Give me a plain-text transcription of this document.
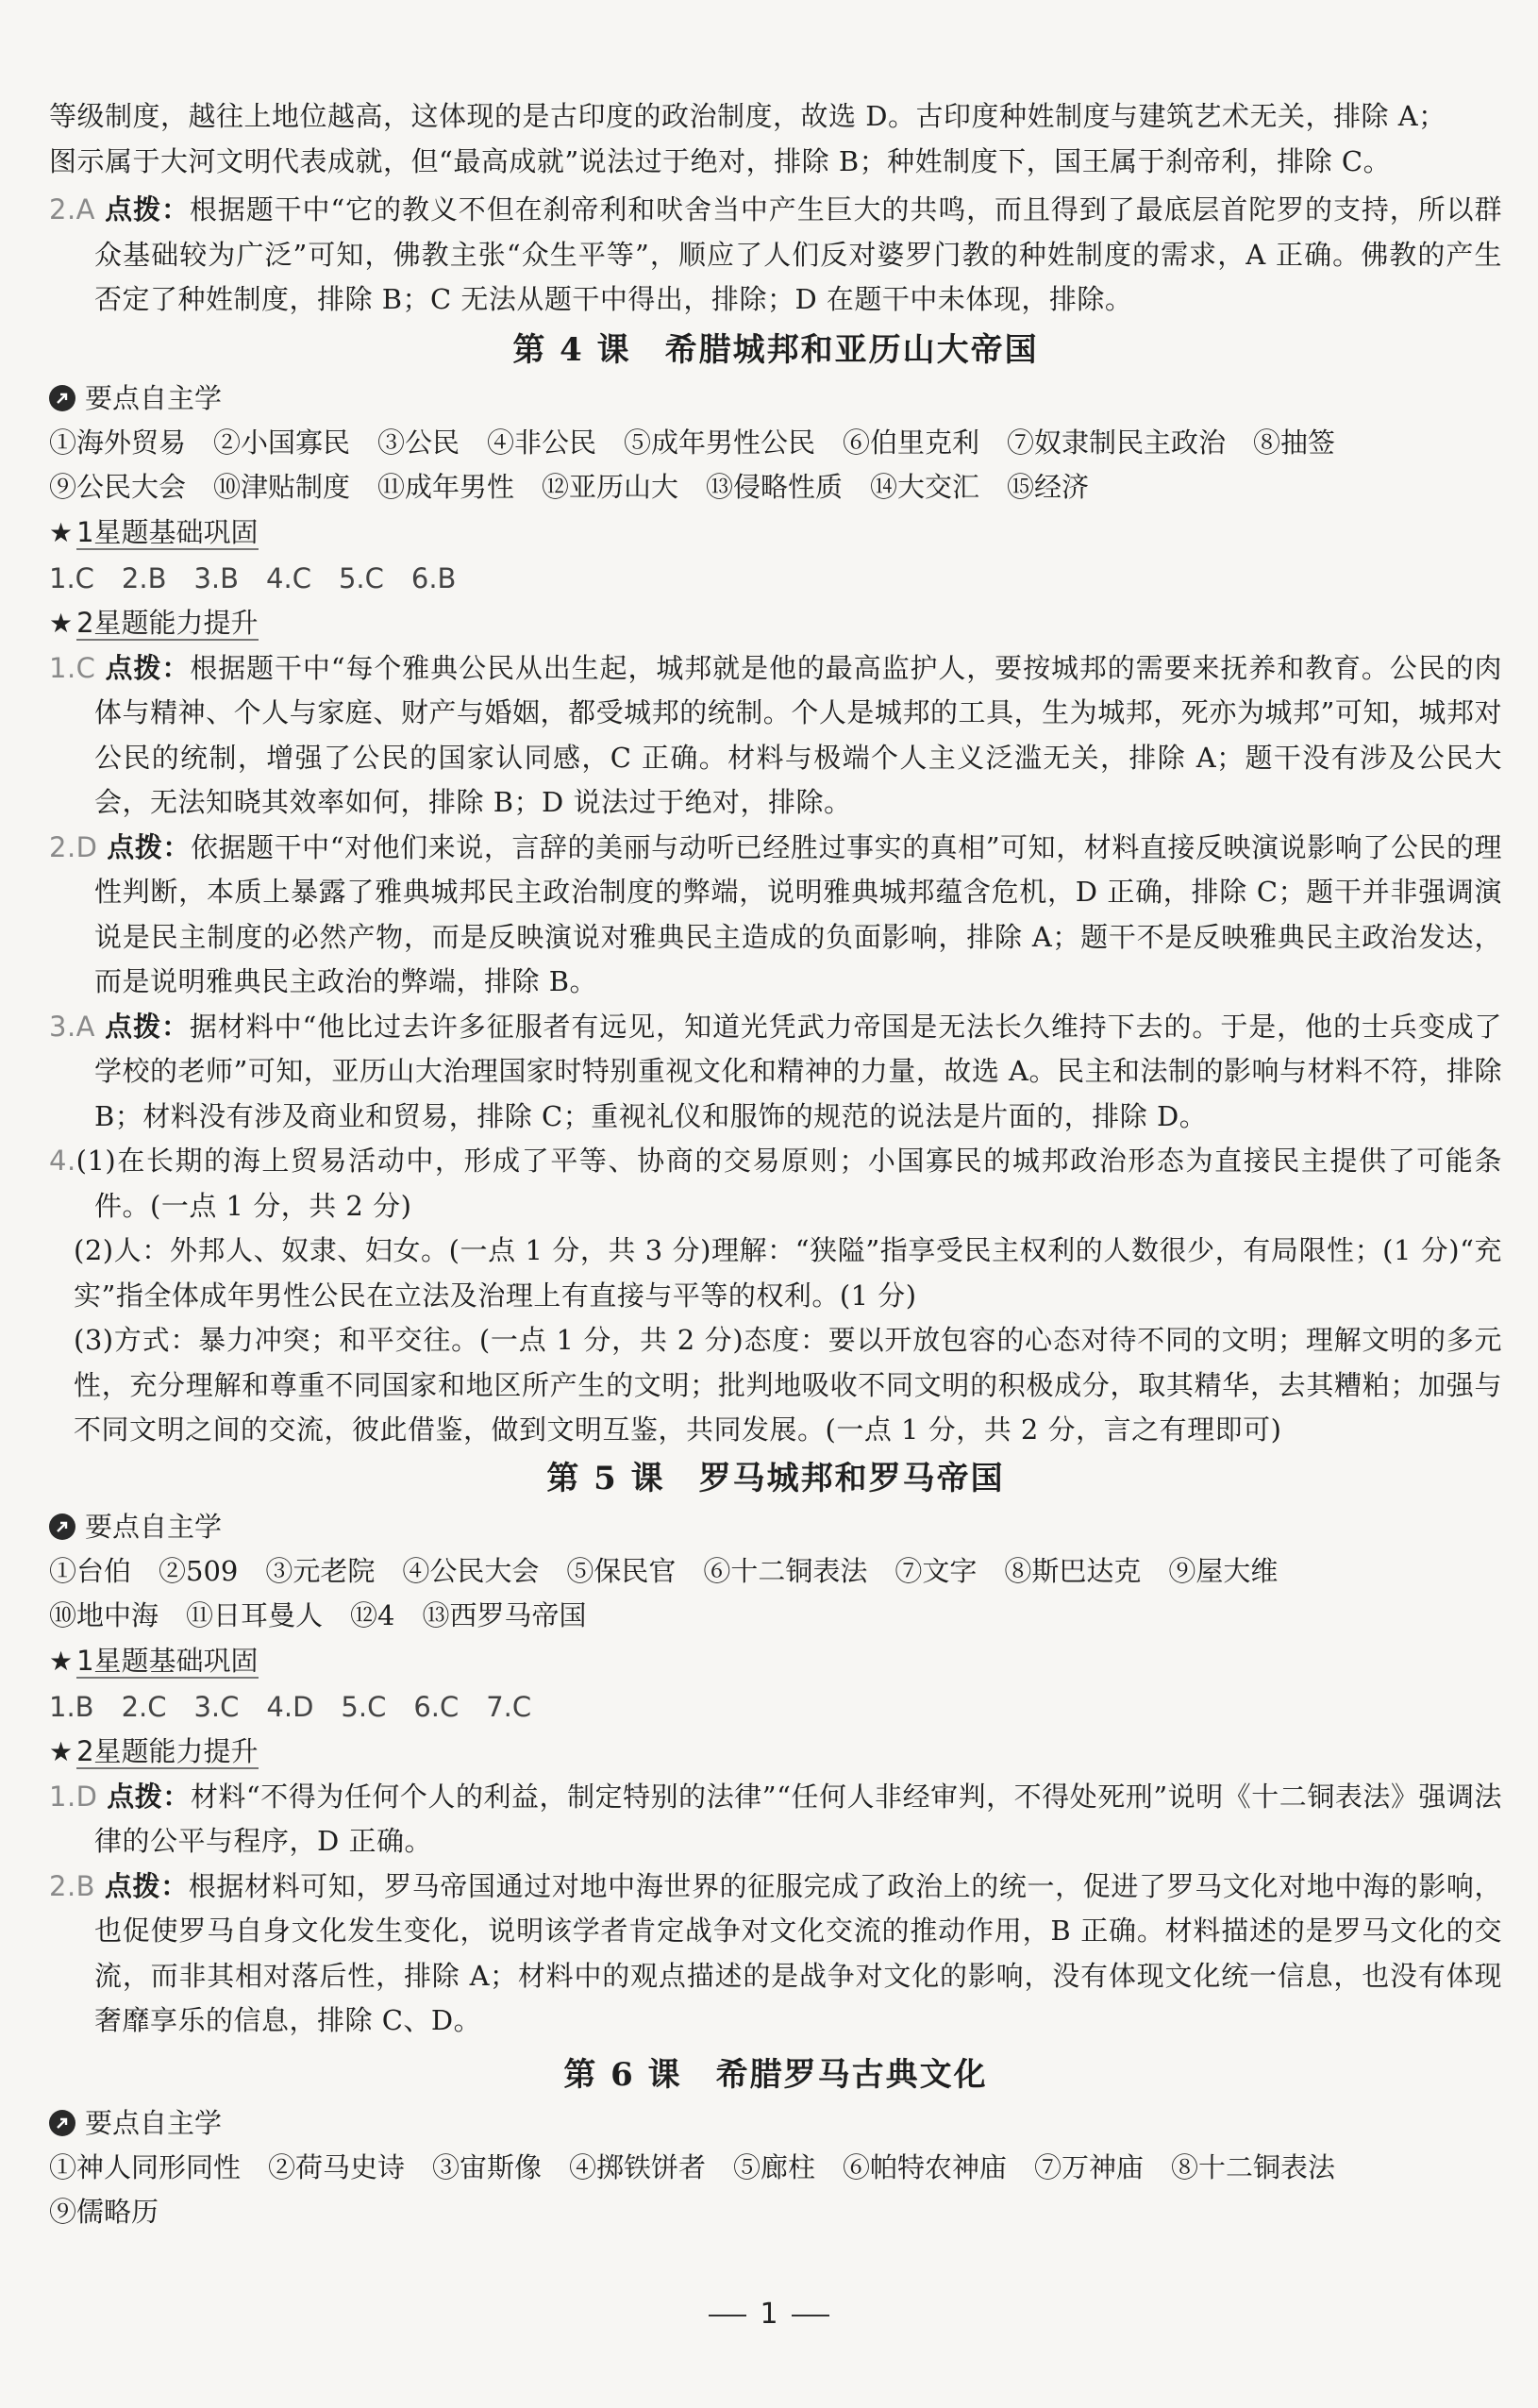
等级制度，越往上地位越高，这体现的是古印度的政治制度，故选 D。古印度种姓制度与建筑艺术无关，排除 A；

图示属于大河文明代表成就，但“最高成就”说法过于绝对，排除 B；种姓制度下，国王属于刹帝利，排除 C。

2.A 点拨：根据题干中“它的教义不但在刹帝利和吠舍当中产生巨大的共鸣，而且得到了最底层首陀罗的支持，所以群众基础较为广泛”可知，佛教主张“众生平等”，顺应了人们反对婆罗门教的种姓制度的需求，A 正确。佛教的产生否定了种姓制度，排除 B；C 无法从题干中得出，排除；D 在题干中未体现，排除。

第 4 课　希腊城邦和亚历山大帝国
要点自主学

①海外贸易　②小国寡民　③公民　④非公民　⑤成年男性公民　⑥伯里克利　⑦奴隶制民主政治　⑧抽签

⑨公民大会　⑩津贴制度　⑪成年男性　⑫亚历山大　⑬侵略性质　⑭大交汇　⑮经济

★ 1星题基础巩固

1.C　2.B　3.B　4.C　5.C　6.B

★ 2星题能力提升

1.C 点拨：根据题干中“每个雅典公民从出生起，城邦就是他的最高监护人，要按城邦的需要来抚养和教育。公民的肉体与精神、个人与家庭、财产与婚姻，都受城邦的统制。个人是城邦的工具，生为城邦，死亦为城邦”可知，城邦对公民的统制，增强了公民的国家认同感，C 正确。材料与极端个人主义泛滥无关，排除 A；题干没有涉及公民大会，无法知晓其效率如何，排除 B；D 说法过于绝对，排除。

2.D 点拨：依据题干中“对他们来说，言辞的美丽与动听已经胜过事实的真相”可知，材料直接反映演说影响了公民的理性判断，本质上暴露了雅典城邦民主政治制度的弊端，说明雅典城邦蕴含危机，D 正确，排除 C；题干并非强调演说是民主制度的必然产物，而是反映演说对雅典民主造成的负面影响，排除 A；题干不是反映雅典民主政治发达，而是说明雅典民主政治的弊端，排除 B。

3.A 点拨：据材料中“他比过去许多征服者有远见，知道光凭武力帝国是无法长久维持下去的。于是，他的士兵变成了学校的老师”可知，亚历山大治理国家时特别重视文化和精神的力量，故选 A。民主和法制的影响与材料不符，排除 B；材料没有涉及商业和贸易，排除 C；重视礼仪和服饰的规范的说法是片面的，排除 D。

4.(1)在长期的海上贸易活动中，形成了平等、协商的交易原则；小国寡民的城邦政治形态为直接民主提供了可能条件。(一点 1 分，共 2 分)

(2)人：外邦人、奴隶、妇女。(一点 1 分，共 3 分)理解：“狭隘”指享受民主权利的人数很少，有局限性；(1 分)“充实”指全体成年男性公民在立法及治理上有直接与平等的权利。(1 分)

(3)方式：暴力冲突；和平交往。(一点 1 分，共 2 分)态度：要以开放包容的心态对待不同的文明；理解文明的多元性，充分理解和尊重不同国家和地区所产生的文明；批判地吸收不同文明的积极成分，取其精华，去其糟粕；加强与不同文明之间的交流，彼此借鉴，做到文明互鉴，共同发展。(一点 1 分，共 2 分，言之有理即可)

第 5 课　罗马城邦和罗马帝国
要点自主学

①台伯　②509　③元老院　④公民大会　⑤保民官　⑥十二铜表法　⑦文字　⑧斯巴达克　⑨屋大维

⑩地中海　⑪日耳曼人　⑫4　⑬西罗马帝国

★ 1星题基础巩固

1.B　2.C　3.C　4.D　5.C　6.C　7.C

★ 2星题能力提升

1.D 点拨：材料“不得为任何个人的利益，制定特别的法律”“任何人非经审判，不得处死刑”说明《十二铜表法》强调法律的公平与程序，D 正确。

2.B 点拨：根据材料可知，罗马帝国通过对地中海世界的征服完成了政治上的统一，促进了罗马文化对地中海的影响，也促使罗马自身文化发生变化，说明该学者肯定战争对文化交流的推动作用，B 正确。材料描述的是罗马文化的交流，而非其相对落后性，排除 A；材料中的观点描述的是战争对文化的影响，没有体现文化统一信息，也没有体现奢靡享乐的信息，排除 C、D。

第 6 课　希腊罗马古典文化
要点自主学

①神人同形同性　②荷马史诗　③宙斯像　④掷铁饼者　⑤廊柱　⑥帕特农神庙　⑦万神庙　⑧十二铜表法

⑨儒略历

1
